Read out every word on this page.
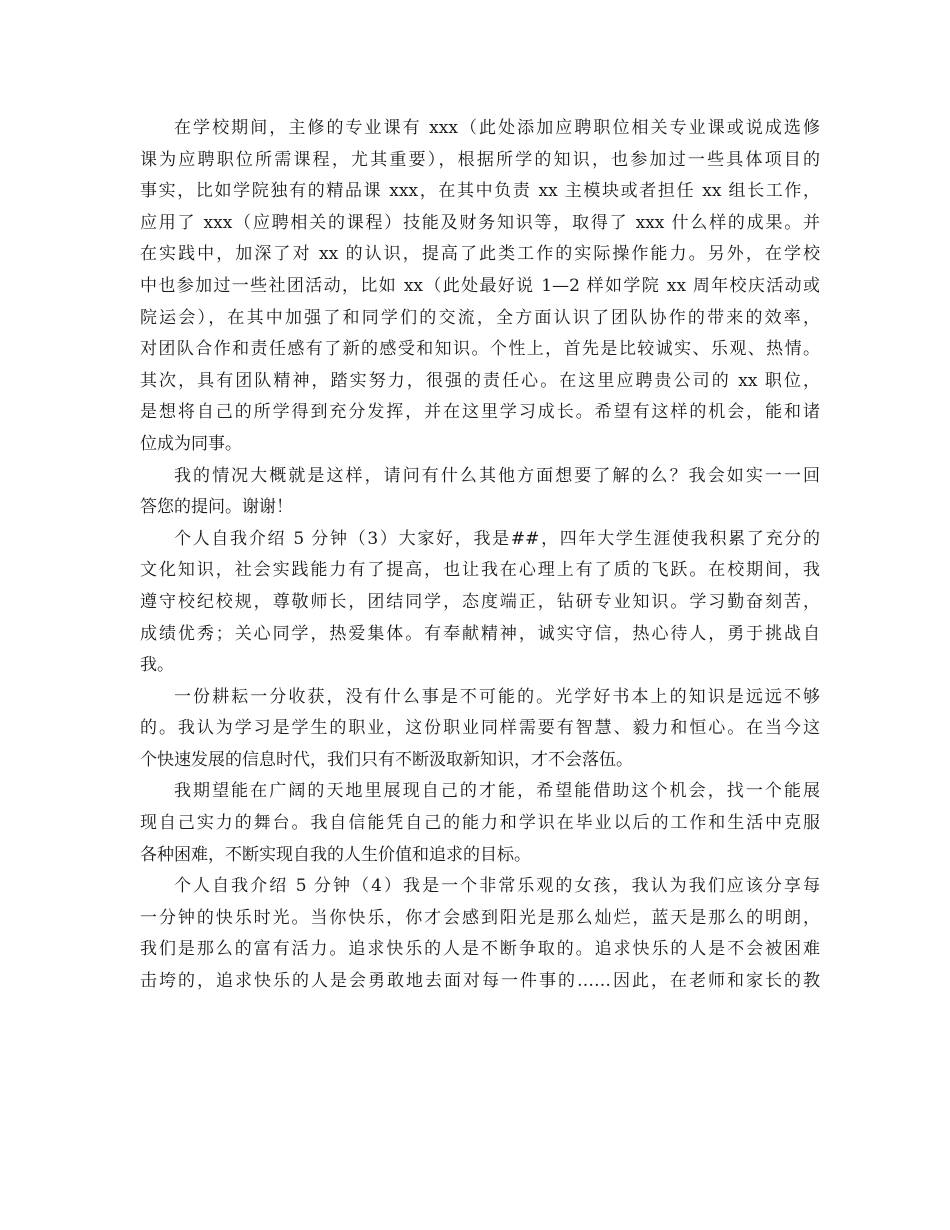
在学校期间，主修的专业课有 xxx（此处添加应聘职位相关专业课或说成选修
课为应聘职位所需课程，尤其重要），根据所学的知识，也参加过一些具体项目的
事实，比如学院独有的精品课 xxx，在其中负责 xx 主模块或者担任 xx 组长工作，
应用了 xxx（应聘相关的课程）技能及财务知识等，取得了 xxx 什么样的成果。并
在实践中，加深了对 xx 的认识，提高了此类工作的实际操作能力。另外，在学校
中也参加过一些社团活动，比如 xx（此处最好说 1—2 样如学院 xx 周年校庆活动或
院运会），在其中加强了和同学们的交流，全方面认识了团队协作的带来的效率，
对团队合作和责任感有了新的感受和知识。个性上，首先是比较诚实、乐观、热情。
其次，具有团队精神，踏实努力，很强的责任心。在这里应聘贵公司的 xx 职位，
是想将自己的所学得到充分发挥，并在这里学习成长。希望有这样的机会，能和诸
位成为同事。
我的情况大概就是这样，请问有什么其他方面想要了解的么？我会如实一一回
答您的提问。谢谢！
个人自我介绍 5 分钟（3）大家好，我是##，四年大学生涯使我积累了充分的
文化知识，社会实践能力有了提高，也让我在心理上有了质的飞跃。在校期间，我
遵守校纪校规，尊敬师长，团结同学，态度端正，钻研专业知识。学习勤奋刻苦，
成绩优秀；关心同学，热爱集体。有奉献精神，诚实守信，热心待人，勇于挑战自
我。
一份耕耘一分收获，没有什么事是不可能的。光学好书本上的知识是远远不够
的。我认为学习是学生的职业，这份职业同样需要有智慧、毅力和恒心。在当今这
个快速发展的信息时代，我们只有不断汲取新知识，才不会落伍。
我期望能在广阔的天地里展现自己的才能，希望能借助这个机会，找一个能展
现自己实力的舞台。我自信能凭自己的能力和学识在毕业以后的工作和生活中克服
各种困难，不断实现自我的人生价值和追求的目标。
个人自我介绍 5 分钟（4）我是一个非常乐观的女孩，我认为我们应该分享每
一分钟的快乐时光。当你快乐，你才会感到阳光是那么灿烂，蓝天是那么的明朗，
我们是那么的富有活力。追求快乐的人是不断争取的。追求快乐的人是不会被困难
击垮的，追求快乐的人是会勇敢地去面对每一件事的……因此，在老师和家长的教
